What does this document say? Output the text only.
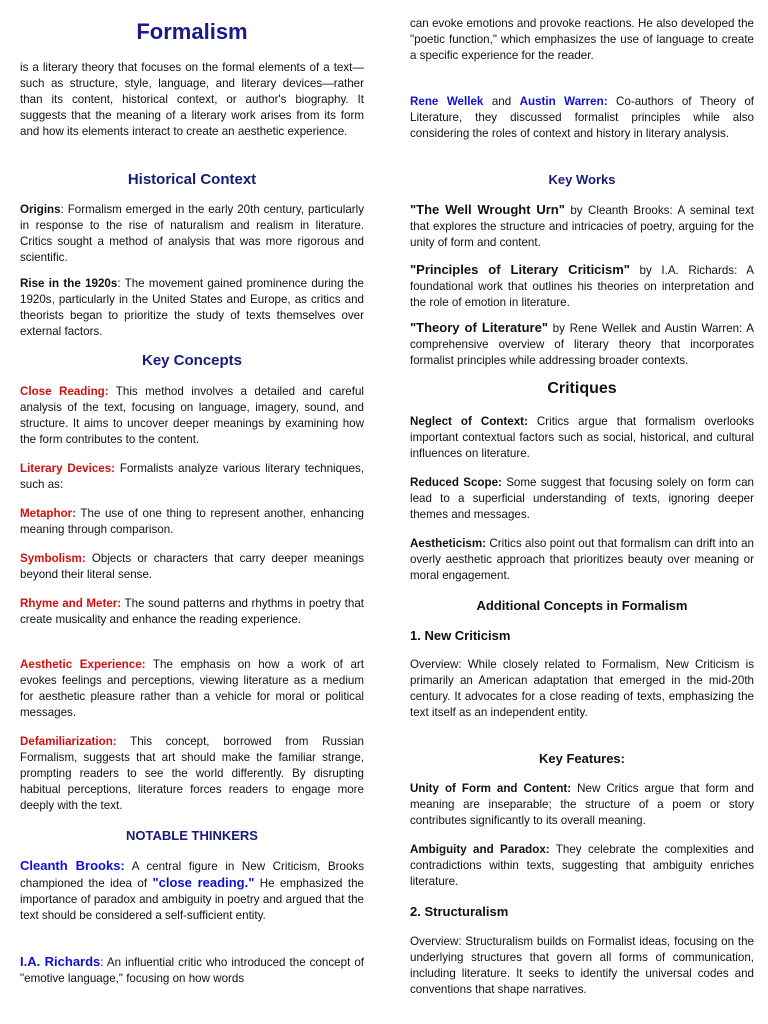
Formalism

is a literary theory that focuses on the formal elements of a text—such as structure, style, language, and literary devices—rather than its content, historical context, or author's biography. It suggests that the meaning of a literary work arises from its form and how its elements interact to create an aesthetic experience.

Historical Context

Origins: Formalism emerged in the early 20th century, particularly in response to the rise of naturalism and realism in literature. Critics sought a method of analysis that was more rigorous and scientific.

Rise in the 1920s: The movement gained prominence during the 1920s, particularly in the United States and Europe, as critics and theorists began to prioritize the study of texts themselves over external factors.

Key Concepts

Close Reading: This method involves a detailed and careful analysis of the text, focusing on language, imagery, sound, and structure. It aims to uncover deeper meanings by examining how the form contributes to the content.

Literary Devices: Formalists analyze various literary techniques, such as:

Metaphor: The use of one thing to represent another, enhancing meaning through comparison.

Symbolism: Objects or characters that carry deeper meanings beyond their literal sense.

Rhyme and Meter: The sound patterns and rhythms in poetry that create musicality and enhance the reading experience.

Aesthetic Experience: The emphasis on how a work of art evokes feelings and perceptions, viewing literature as a medium for aesthetic pleasure rather than a vehicle for moral or political messages.

Defamiliarization: This concept, borrowed from Russian Formalism, suggests that art should make the familiar strange, prompting readers to see the world differently. By disrupting habitual perceptions, literature forces readers to engage more deeply with the text.

NOTABLE THINKERS

Cleanth Brooks: A central figure in New Criticism, Brooks championed the idea of "close reading." He emphasized the importance of paradox and ambiguity in poetry and argued that the text should be considered a self-sufficient entity.

I.A. Richards: An influential critic who introduced the concept of "emotive language," focusing on how words

can evoke emotions and provoke reactions. He also developed the "poetic function," which emphasizes the use of language to create a specific experience for the reader.

Rene Wellek and Austin Warren: Co-authors of Theory of Literature, they discussed formalist principles while also considering the roles of context and history in literary analysis.

Key Works

"The Well Wrought Urn" by Cleanth Brooks: A seminal text that explores the structure and intricacies of poetry, arguing for the unity of form and content.

"Principles of Literary Criticism" by I.A. Richards: A foundational work that outlines his theories on interpretation and the role of emotion in literature.

"Theory of Literature" by Rene Wellek and Austin Warren: A comprehensive overview of literary theory that incorporates formalist principles while addressing broader contexts.

Critiques

Neglect of Context: Critics argue that formalism overlooks important contextual factors such as social, historical, and cultural influences on literature.

Reduced Scope: Some suggest that focusing solely on form can lead to a superficial understanding of texts, ignoring deeper themes and messages.

Aestheticism: Critics also point out that formalism can drift into an overly aesthetic approach that prioritizes beauty over meaning or moral engagement.

Additional Concepts in Formalism
1. New Criticism

Overview: While closely related to Formalism, New Criticism is primarily an American adaptation that emerged in the mid-20th century. It advocates for a close reading of texts, emphasizing the text itself as an independent entity.

Key Features:

Unity of Form and Content: New Critics argue that form and meaning are inseparable; the structure of a poem or story contributes significantly to its overall meaning.

Ambiguity and Paradox: They celebrate the complexities and contradictions within texts, suggesting that ambiguity enriches literature.

2. Structuralism

Overview: Structuralism builds on Formalist ideas, focusing on the underlying structures that govern all forms of communication, including literature. It seeks to identify the universal codes and conventions that shape narratives.
